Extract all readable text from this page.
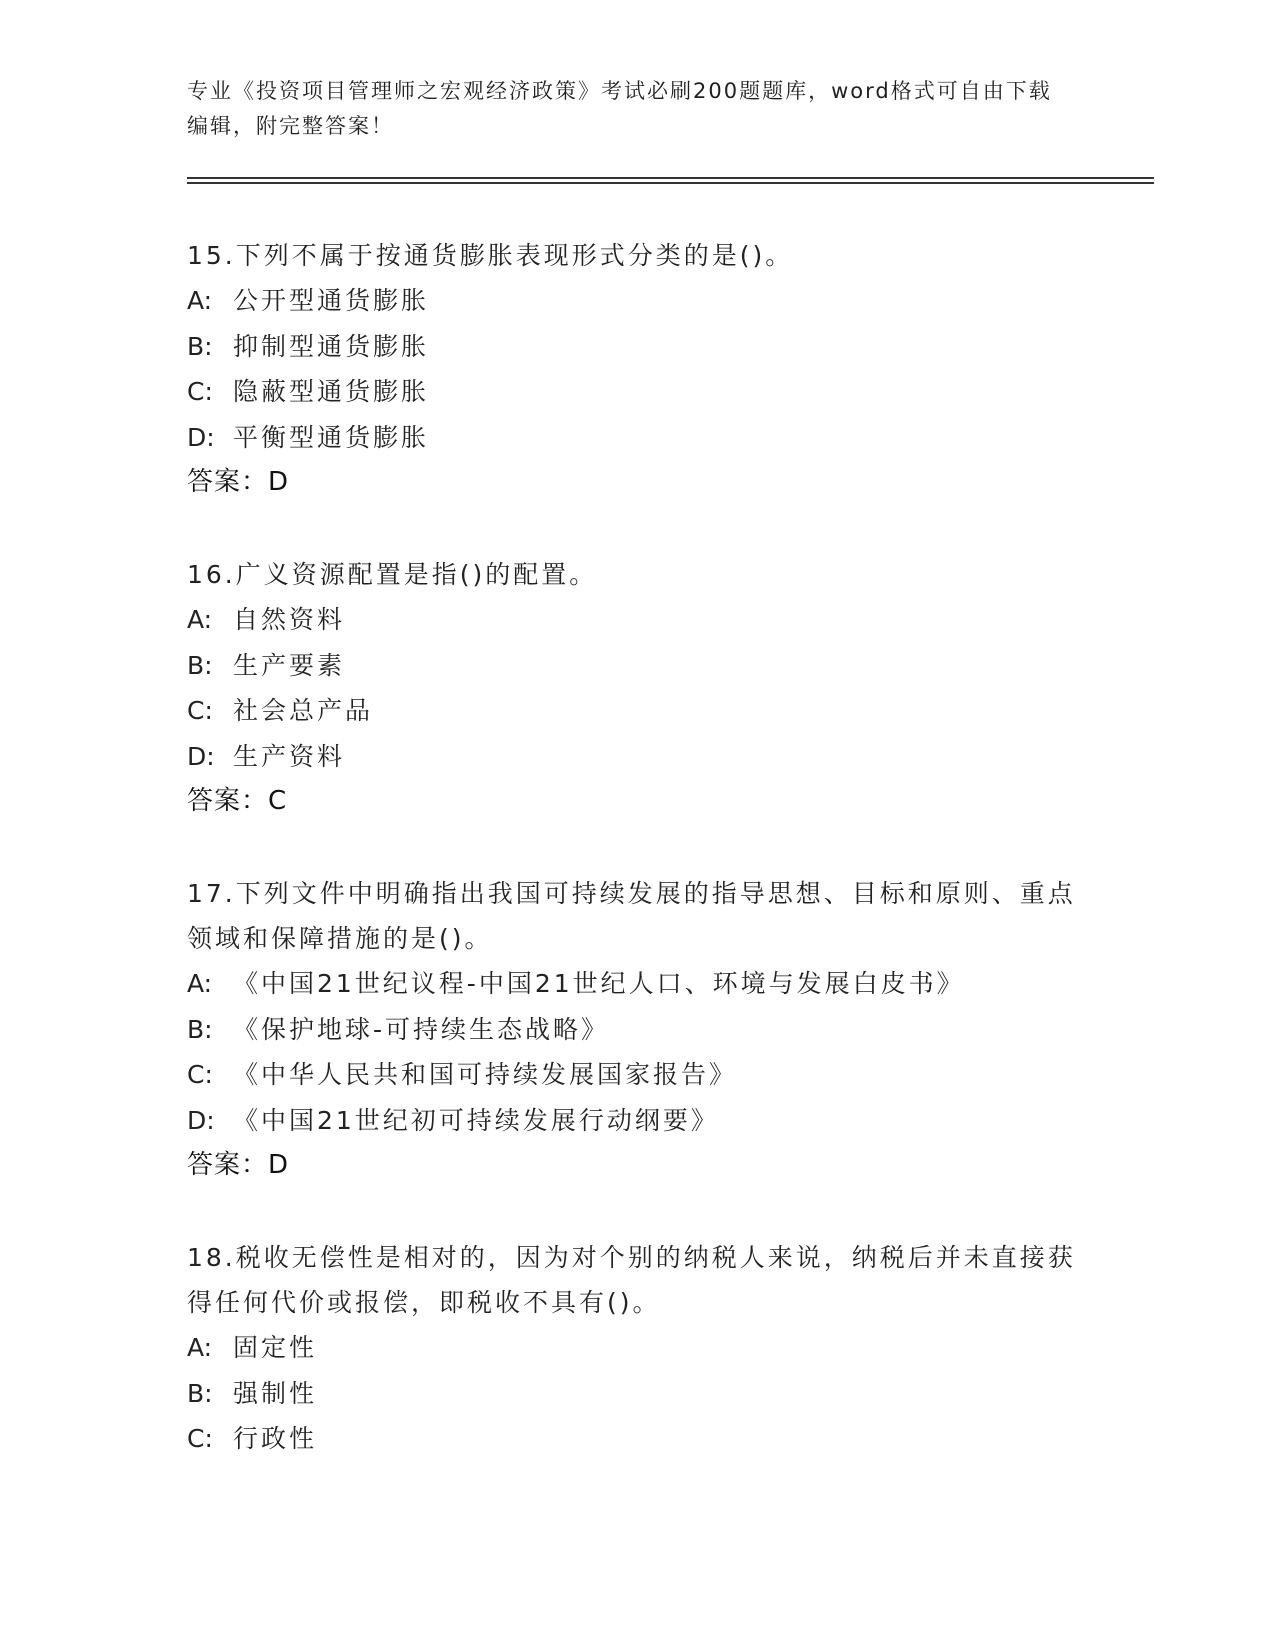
专业《投资项目管理师之宏观经济政策》考试必刷200题题库，word格式可自由下载编辑，附完整答案！

15.下列不属于按通货膨胀表现形式分类的是()。

A: 公开型通货膨胀

B: 抑制型通货膨胀

C: 隐蔽型通货膨胀

D: 平衡型通货膨胀

答案：D

16.广义资源配置是指()的配置。

A: 自然资料

B: 生产要素

C: 社会总产品

D: 生产资料

答案：C

17.下列文件中明确指出我国可持续发展的指导思想、目标和原则、重点领域和保障措施的是()。

A: 《中国21世纪议程-中国21世纪人口、环境与发展白皮书》

B: 《保护地球-可持续生态战略》

C: 《中华人民共和国可持续发展国家报告》

D: 《中国21世纪初可持续发展行动纲要》

答案：D

18.税收无偿性是相对的，因为对个别的纳税人来说，纳税后并未直接获得任何代价或报偿，即税收不具有()。

A: 固定性

B: 强制性

C: 行政性
